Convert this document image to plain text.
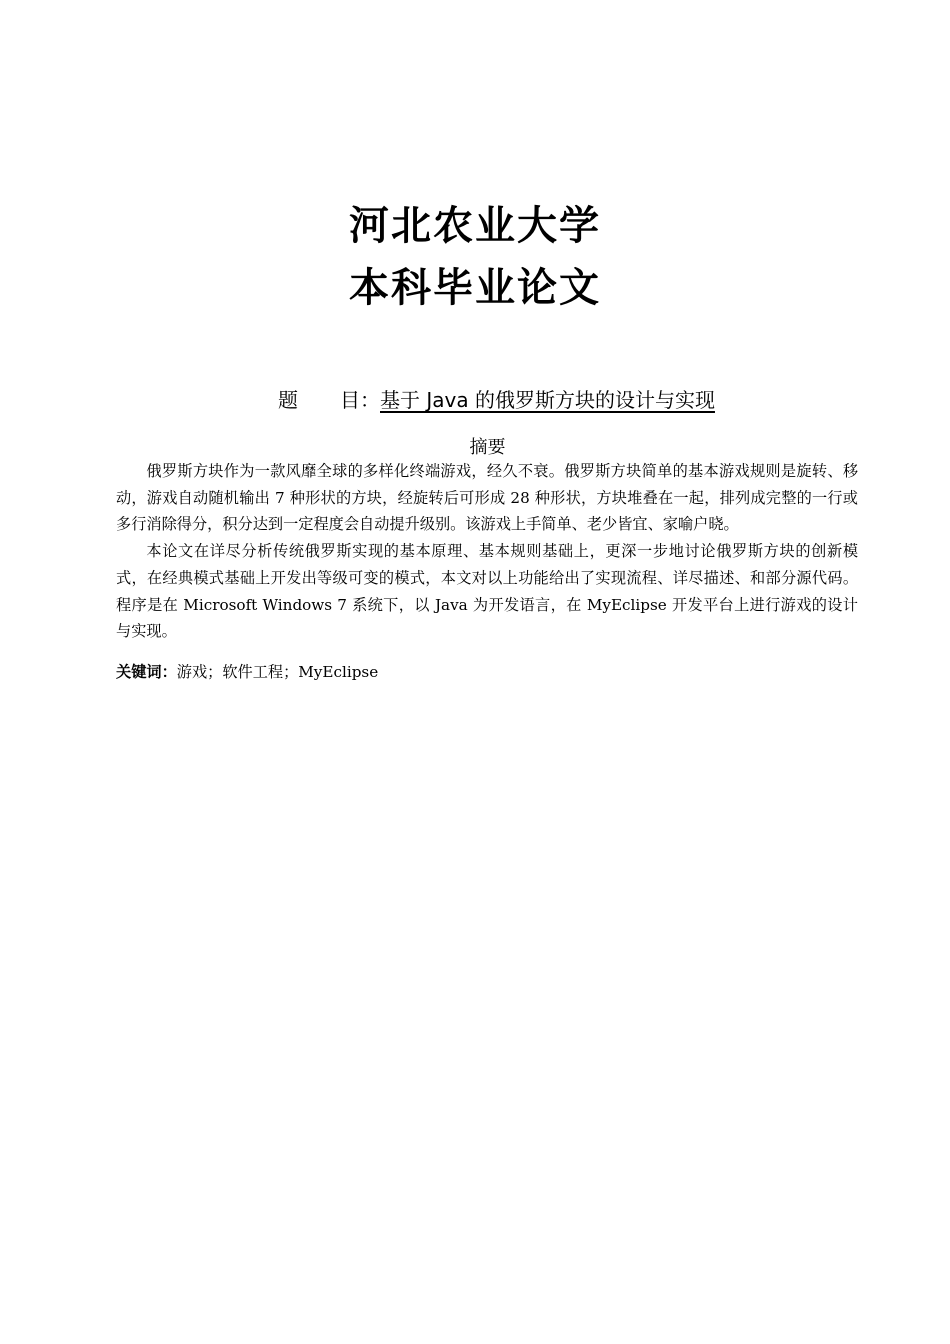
河北农业大学
本科毕业论文
题 目：基于 Java 的俄罗斯方块的设计与实现
摘要

俄罗斯方块作为一款风靡全球的多样化终端游戏，经久不衰。俄罗斯方块简单的基本游戏规则是旋转、移动，游戏自动随机输出 7 种形状的方块，经旋转后可形成 28 种形状，方块堆叠在一起，排列成完整的一行或多行消除得分，积分达到一定程度会自动提升级别。该游戏上手简单、老少皆宜、家喻户晓。

本论文在详尽分析传统俄罗斯实现的基本原理、基本规则基础上，更深一步地讨论俄罗斯方块的创新模式，在经典模式基础上开发出等级可变的模式，本文对以上功能给出了实现流程、详尽描述、和部分源代码。程序是在 Microsoft Windows 7 系统下，以 Java 为开发语言，在 MyEclipse 开发平台上进行游戏的设计与实现。

关键词：游戏；软件工程；MyEclipse
